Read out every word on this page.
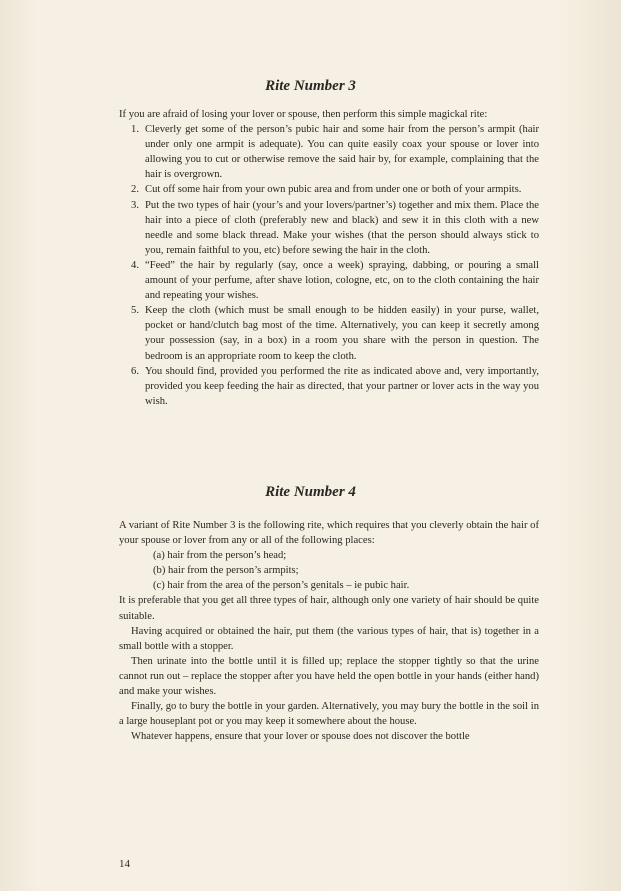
Rite Number 3

If you are afraid of losing your lover or spouse, then perform this simple magickal rite:

1. Cleverly get some of the person’s pubic hair and some hair from the person’s armpit (hair under only one armpit is adequate). You can quite easily coax your spouse or lover into allowing you to cut or otherwise remove the said hair by, for example, complaining that the hair is overgrown.
2. Cut off some hair from your own pubic area and from under one or both of your armpits.
3. Put the two types of hair (your’s and your lovers/partner’s) together and mix them. Place the hair into a piece of cloth (preferably new and black) and sew it in this cloth with a new needle and some black thread. Make your wishes (that the person should always stick to you, remain faithful to you, etc) before sewing the hair in the cloth.
4. “Feed” the hair by regularly (say, once a week) spraying, dabbing, or pouring a small amount of your perfume, after shave lotion, cologne, etc, on to the cloth containing the hair and repeating your wishes.
5. Keep the cloth (which must be small enough to be hidden easily) in your purse, wallet, pocket or hand/clutch bag most of the time. Alternatively, you can keep it secretly among your possession (say, in a box) in a room you share with the person in question. The bedroom is an appropriate room to keep the cloth.
6. You should find, provided you performed the rite as indicated above and, very importantly, provided you keep feeding the hair as directed, that your partner or lover acts in the way you wish.
Rite Number 4

A variant of Rite Number 3 is the following rite, which requires that you cleverly obtain the hair of your spouse or lover from any or all of the following places:

(a) hair from the person’s head;
(b) hair from the person’s armpits;
(c) hair from the area of the person’s genitals – ie pubic hair.

It is preferable that you get all three types of hair, although only one variety of hair should be quite suitable.

Having acquired or obtained the hair, put them (the various types of hair, that is) together in a small bottle with a stopper.

Then urinate into the bottle until it is filled up; replace the stopper tightly so that the urine cannot run out – replace the stopper after you have held the open bottle in your hands (either hand) and make your wishes.

Finally, go to bury the bottle in your garden. Alternatively, you may bury the bottle in the soil in a large houseplant pot or you may keep it somewhere about the house.

Whatever happens, ensure that your lover or spouse does not discover the bottle

14
